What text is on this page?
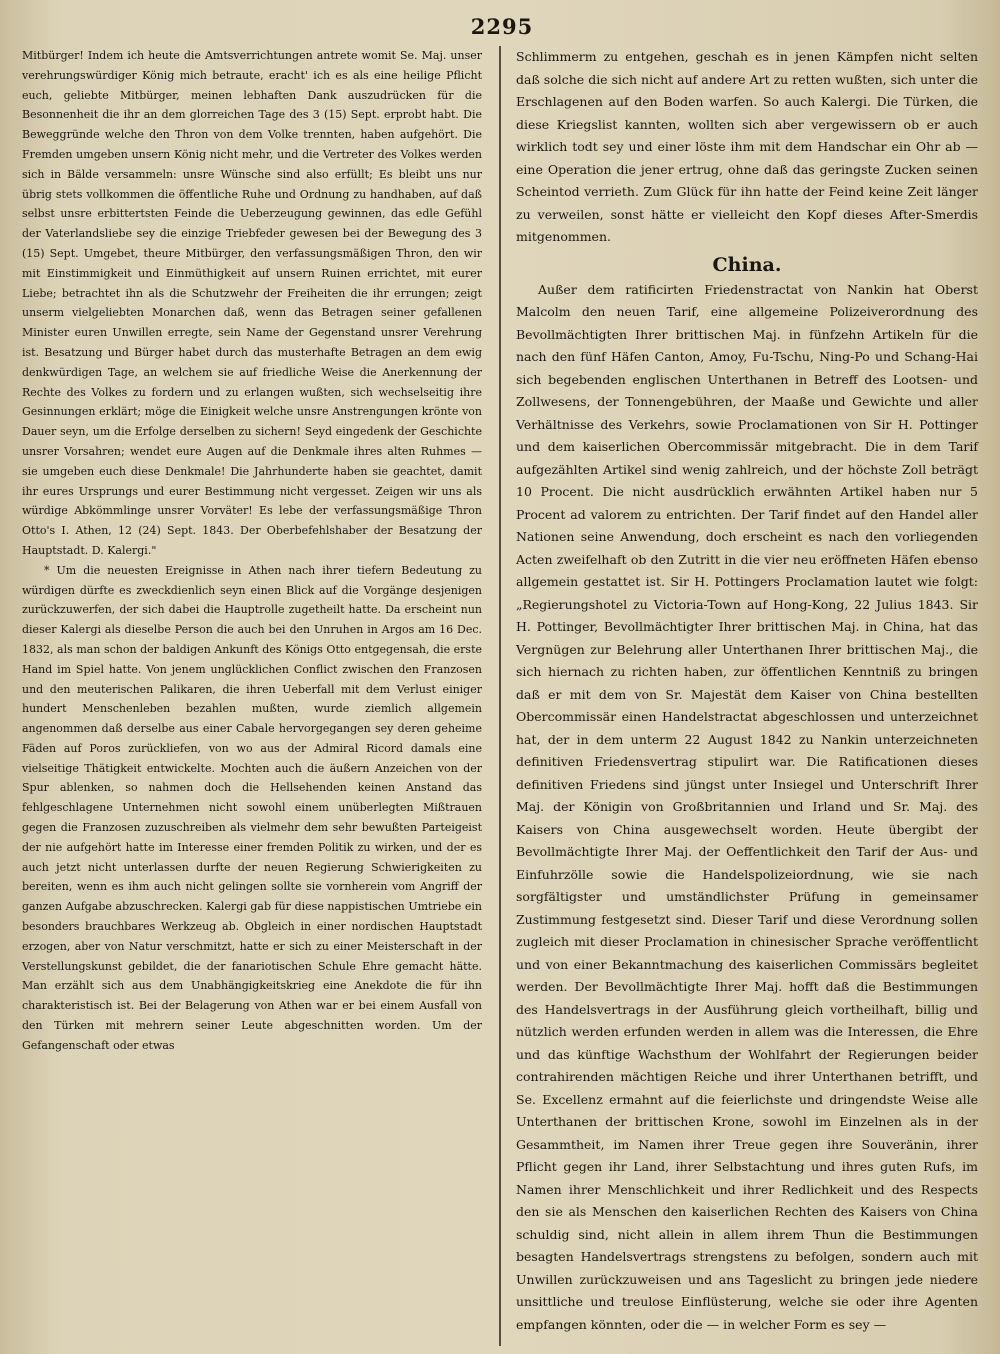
2295

Mitbürger! Indem ich heute die Amtsverrichtungen antrete womit Se. Maj. unser verehrungswürdiger König mich betraute, eracht' ich es als eine heilige Pflicht euch, geliebte Mitbürger, meinen lebhaften Dank auszudrücken für die Besonnenheit die ihr an dem glorreichen Tage des 3 (15) Sept. erprobt habt. Die Beweggründe welche den Thron von dem Volke trennten, haben aufgehört. Die Fremden umgeben unsern König nicht mehr, und die Vertreter des Volkes werden sich in Bälde versammeln: unsre Wünsche sind also erfüllt; Es bleibt uns nur übrig stets vollkommen die öffentliche Ruhe und Ordnung zu handhaben, auf daß selbst unsre erbittertsten Feinde die Ueberzeugung gewinnen, das edle Gefühl der Vaterlandsliebe sey die einzige Triebfeder gewesen bei der Bewegung des 3 (15) Sept. Umgebet, theure Mitbürger, den verfassungsmäßigen Thron, den wir mit Einstimmigkeit und Einmüthigkeit auf unsern Ruinen errichtet, mit eurer Liebe; betrachtet ihn als die Schutzwehr der Freiheiten die ihr errungen; zeigt unserm vielgeliebten Monarchen daß, wenn das Betragen seiner gefallenen Minister euren Unwillen erregte, sein Name der Gegenstand unsrer Verehrung ist. Besatzung und Bürger habet durch das musterhafte Betragen an dem ewig denkwürdigen Tage, an welchem sie auf friedliche Weise die Anerkennung der Rechte des Volkes zu fordern und zu erlangen wußten, sich wechselseitig ihre Gesinnungen erklärt; möge die Einigkeit welche unsre Anstrengungen krönte von Dauer seyn, um die Erfolge derselben zu sichern! Seyd eingedenk der Geschichte unsrer Vorsahren; wendet eure Augen auf die Denkmale ihres alten Ruhmes — sie umgeben euch diese Denkmale! Die Jahrhunderte haben sie geachtet, damit ihr eures Ursprungs und eurer Bestimmung nicht vergesset. Zeigen wir uns als würdige Abkömmlinge unsrer Vorväter! Es lebe der verfassungsmäßige Thron Otto's I. Athen, 12 (24) Sept. 1843. Der Oberbefehlshaber der Besatzung der Hauptstadt. D. Kalergi."

* Um die neuesten Ereignisse in Athen nach ihrer tiefern Bedeutung zu würdigen dürfte es zweckdienlich seyn einen Blick auf die Vorgänge desjenigen zurückzuwerfen, der sich dabei die Hauptrolle zugetheilt hatte. Da erscheint nun dieser Kalergi als dieselbe Person die auch bei den Unruhen in Argos am 16 Dec. 1832, als man schon der baldigen Ankunft des Königs Otto entgegensah, die erste Hand im Spiel hatte. Von jenem unglücklichen Conflict zwischen den Franzosen und den meuterischen Palikaren, die ihren Ueberfall mit dem Verlust einiger hundert Menschenleben bezahlen mußten, wurde ziemlich allgemein angenommen daß derselbe aus einer Cabale hervorgegangen sey deren geheime Fäden auf Poros zurückliefen, von wo aus der Admiral Ricord damals eine vielseitige Thätigkeit entwickelte. Mochten auch die äußern Anzeichen von der Spur ablenken, so nahmen doch die Hellsehenden keinen Anstand das fehlgeschlagene Unternehmen nicht sowohl einem unüberlegten Mißtrauen gegen die Franzosen zuzuschreiben als vielmehr dem sehr bewußten Parteigeist der nie aufgehört hatte im Interesse einer fremden Politik zu wirken, und der es auch jetzt nicht unterlassen durfte der neuen Regierung Schwierigkeiten zu bereiten, wenn es ihm auch nicht gelingen sollte sie vornherein vom Angriff der ganzen Aufgabe abzuschrecken. Kalergi gab für diese nappistischen Umtriebe ein besonders brauchbares Werkzeug ab. Obgleich in einer nordischen Hauptstadt erzogen, aber von Natur verschmitzt, hatte er sich zu einer Meisterschaft in der Verstellungskunst gebildet, die der fanariotischen Schule Ehre gemacht hätte. Man erzählt sich aus dem Unabhängigkeitskrieg eine Anekdote die für ihn charakteristisch ist. Bei der Belagerung von Athen war er bei einem Ausfall von den Türken mit mehrern seiner Leute abgeschnitten worden. Um der Gefangenschaft oder etwas

Schlimmerm zu entgehen, geschah es in jenen Kämpfen nicht selten daß solche die sich nicht auf andere Art zu retten wußten, sich unter die Erschlagenen auf den Boden warfen. So auch Kalergi. Die Türken, die diese Kriegslist kannten, wollten sich aber vergewissern ob er auch wirklich todt sey und einer löste ihm mit dem Handschar ein Ohr ab — eine Operation die jener ertrug, ohne daß das geringste Zucken seinen Scheintod verrieth. Zum Glück für ihn hatte der Feind keine Zeit länger zu verweilen, sonst hätte er vielleicht den Kopf dieses After-Smerdis mitgenommen.

China.

Außer dem ratificirten Friedenstractat von Nankin hat Oberst Malcolm den neuen Tarif, eine allgemeine Polizeiverordnung des Bevollmächtigten Ihrer brittischen Maj. in fünfzehn Artikeln für die nach den fünf Häfen Canton, Amoy, Fu-Tschu, Ning-Po und Schang-Hai sich begebenden englischen Unterthanen in Betreff des Lootsen- und Zollwesens, der Tonnengebühren, der Maaße und Gewichte und aller Verhältnisse des Verkehrs, sowie Proclamationen von Sir H. Pottinger und dem kaiserlichen Obercommissär mitgebracht. Die in dem Tarif aufgezählten Artikel sind wenig zahlreich, und der höchste Zoll beträgt 10 Procent. Die nicht ausdrücklich erwähnten Artikel haben nur 5 Procent ad valorem zu entrichten. Der Tarif findet auf den Handel aller Nationen seine Anwendung, doch erscheint es nach den vorliegenden Acten zweifelhaft ob den Zutritt in die vier neu eröffneten Häfen ebenso allgemein gestattet ist. Sir H. Pottingers Proclamation lautet wie folgt: „Regierungshotel zu Victoria-Town auf Hong-Kong, 22 Julius 1843. Sir H. Pottinger, Bevollmächtigter Ihrer brittischen Maj. in China, hat das Vergnügen zur Belehrung aller Unterthanen Ihrer brittischen Maj., die sich hiernach zu richten haben, zur öffentlichen Kenntniß zu bringen daß er mit dem von Sr. Majestät dem Kaiser von China bestellten Obercommissär einen Handelstractat abgeschlossen und unterzeichnet hat, der in dem unterm 22 August 1842 zu Nankin unterzeichneten definitiven Friedensvertrag stipulirt war. Die Ratificationen dieses definitiven Friedens sind jüngst unter Insiegel und Unterschrift Ihrer Maj. der Königin von Großbritannien und Irland und Sr. Maj. des Kaisers von China ausgewechselt worden. Heute übergibt der Bevollmächtigte Ihrer Maj. der Oeffentlichkeit den Tarif der Aus- und Einfuhrzölle sowie die Handelspolizeiordnung, wie sie nach sorgfältigster und umständlichster Prüfung in gemeinsamer Zustimmung festgesetzt sind. Dieser Tarif und diese Verordnung sollen zugleich mit dieser Proclamation in chinesischer Sprache veröffentlicht und von einer Bekanntmachung des kaiserlichen Commissärs begleitet werden. Der Bevollmächtigte Ihrer Maj. hofft daß die Bestimmungen des Handelsvertrags in der Ausführung gleich vortheilhaft, billig und nützlich werden erfunden werden in allem was die Interessen, die Ehre und das künftige Wachsthum der Wohlfahrt der Regierungen beider contrahirenden mächtigen Reiche und ihrer Unterthanen betrifft, und Se. Excellenz ermahnt auf die feierlichste und dringendste Weise alle Unterthanen der brittischen Krone, sowohl im Einzelnen als in der Gesammtheit, im Namen ihrer Treue gegen ihre Souveränin, ihrer Pflicht gegen ihr Land, ihrer Selbstachtung und ihres guten Rufs, im Namen ihrer Menschlichkeit und ihrer Redlichkeit und des Respects den sie als Menschen den kaiserlichen Rechten des Kaisers von China schuldig sind, nicht allein in allem ihrem Thun die Bestimmungen besagten Handelsvertrags strengstens zu befolgen, sondern auch mit Unwillen zurückzuweisen und ans Tageslicht zu bringen jede niedere unsittliche und treulose Einflüsterung, welche sie oder ihre Agenten empfangen könnten, oder die — in welcher Form es sey —
